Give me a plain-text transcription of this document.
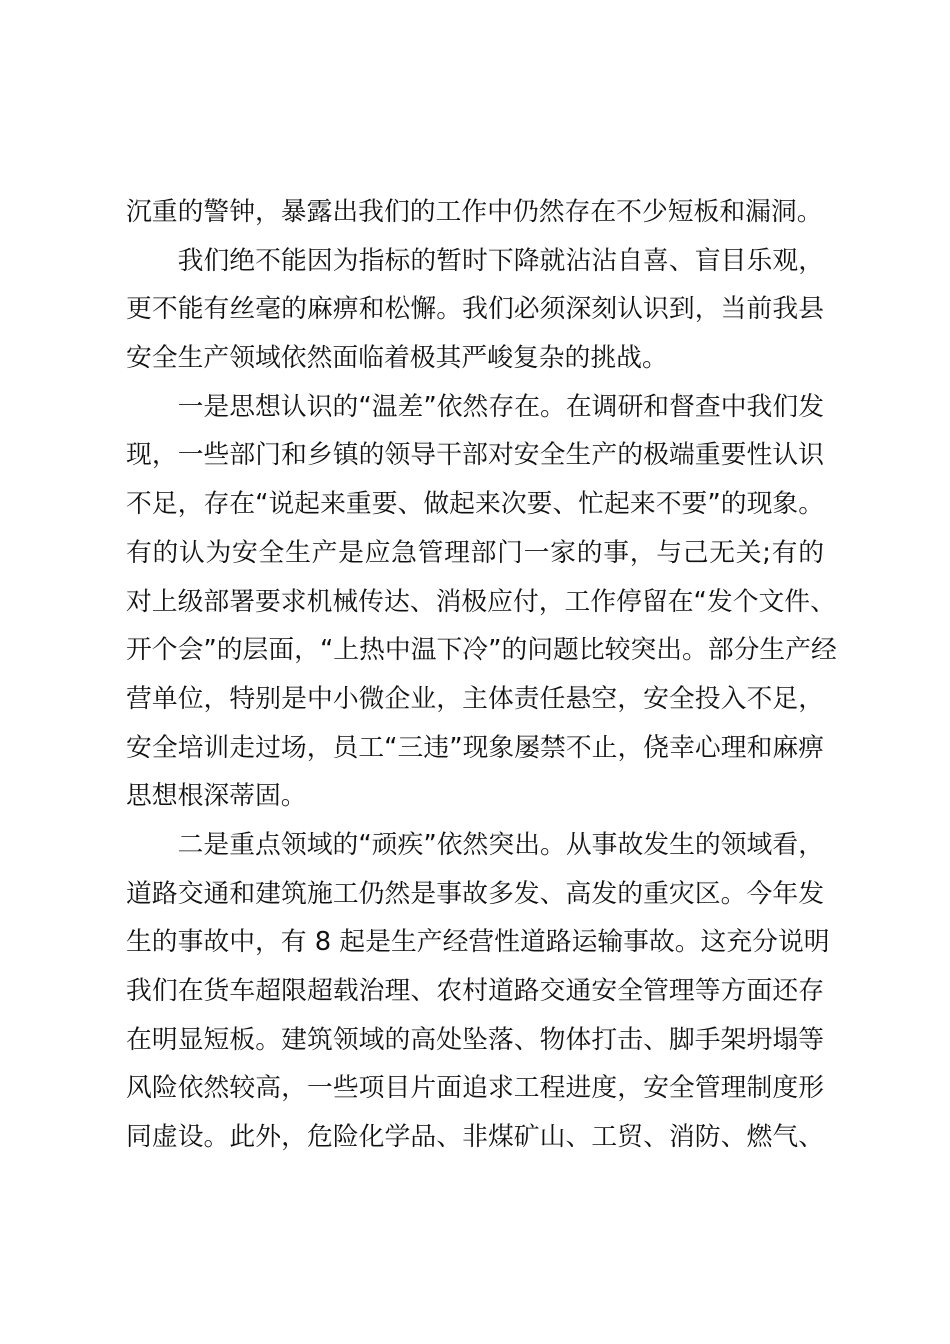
沉重的警钟，暴露出我们的工作中仍然存在不少短板和漏洞。
我们绝不能因为指标的暂时下降就沾沾自喜、盲目乐观，
更不能有丝毫的麻痹和松懈。我们必须深刻认识到，当前我县
安全生产领域依然面临着极其严峻复杂的挑战。
一是思想认识的“温差”依然存在。在调研和督查中我们发
现，一些部门和乡镇的领导干部对安全生产的极端重要性认识
不足，存在“说起来重要、做起来次要、忙起来不要”的现象。
有的认为安全生产是应急管理部门一家的事，与己无关;有的
对上级部署要求机械传达、消极应付，工作停留在“发个文件、
开个会”的层面，“上热中温下冷”的问题比较突出。部分生产经
营单位，特别是中小微企业，主体责任悬空，安全投入不足，
安全培训走过场，员工“三违”现象屡禁不止，侥幸心理和麻痹
思想根深蒂固。
二是重点领域的“顽疾”依然突出。从事故发生的领域看，
道路交通和建筑施工仍然是事故多发、高发的重灾区。今年发
生的事故中，有 8 起是生产经营性道路运输事故。这充分说明
我们在货车超限超载治理、农村道路交通安全管理等方面还存
在明显短板。建筑领域的高处坠落、物体打击、脚手架坍塌等
风险依然较高，一些项目片面追求工程进度，安全管理制度形
同虚设。此外，危险化学品、非煤矿山、工贸、消防、燃气、
